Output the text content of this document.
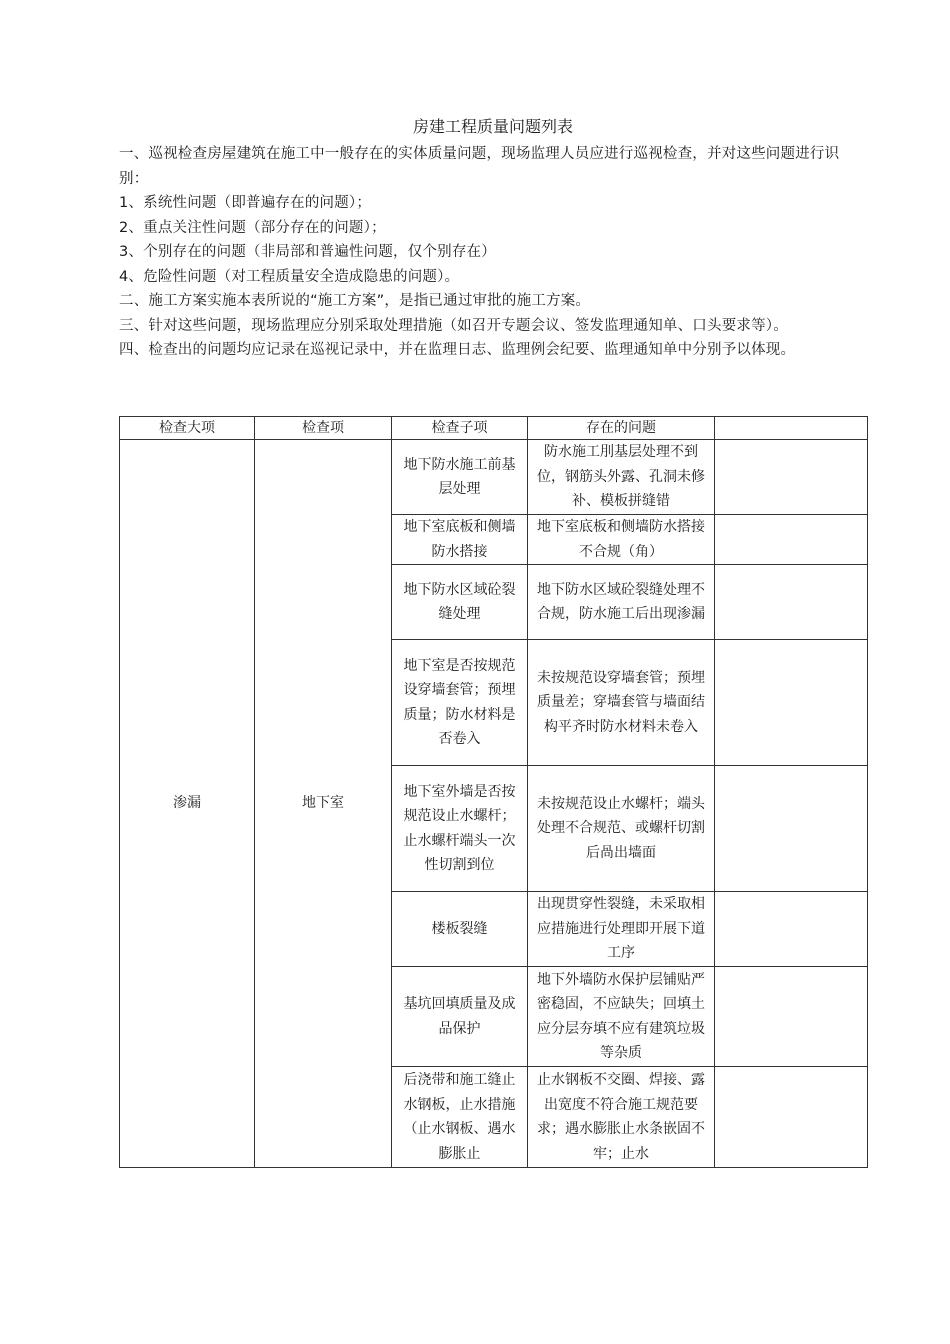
房建工程质量问题列表

一、巡视检查房屋建筑在施工中一般存在的实体质量问题，现场监理人员应进行巡视检查，并对这些问题进行识别：

1、系统性问题（即普遍存在的问题）；

2、重点关注性问题（部分存在的问题）；

3、个别存在的问题（非局部和普遍性问题，仅个别存在）

4、危险性问题（对工程质量安全造成隐患的问题）。

二、施工方案实施本表所说的“施工方案”，是指已通过审批的施工方案。

三、针对这些问题，现场监理应分别采取处理措施（如召开专题会议、签发监理通知单、口头要求等）。

四、检查出的问题均应记录在巡视记录中，并在监理日志、监理例会纪要、监理通知单中分别予以体现。

检查大项	检查项	检查子项	存在的问题	
渗漏	地下室	地下防水施工前基层处理	防水施工刖基层处理不到位，钢筋头外露、孔洞未修补、模板拼缝错	
		地下室底板和侧墙防水搭接	地下室底板和侧墙防水搭接不合规（角）	
		地下防水区域砼裂缝处理	地下防水区域砼裂缝处理不合规，防水施工后出现渗漏	
		地下室是否按规范设穿墙套管；预埋质量；防水材料是否卷入	未按规范设穿墙套管；预埋质量差；穿墙套管与墙面结构平齐时防水材料未卷入	
		地下室外墙是否按规范设止水螺杆；止水螺杆端头一次性切割到位	未按规范设止水螺杆；端头处理不合规范、或螺杆切割后咼出墙面	
		楼板裂缝	出现贯穿性裂缝，未采取相应措施进行处理即开展下道工序	
		基坑回填质量及成品保护	地下外墙防水保护层铺贴严密稳固，不应缺失；回填土应分层夯填不应有建筑垃圾等杂质	
		后浇带和施工缝止水钢板，止水措施（止水钢板、遇水膨胀止	止水钢板不交圈、焊接、露出宽度不符合施工规范要求；遇水膨胀止水条嵌固不牢；止水	
